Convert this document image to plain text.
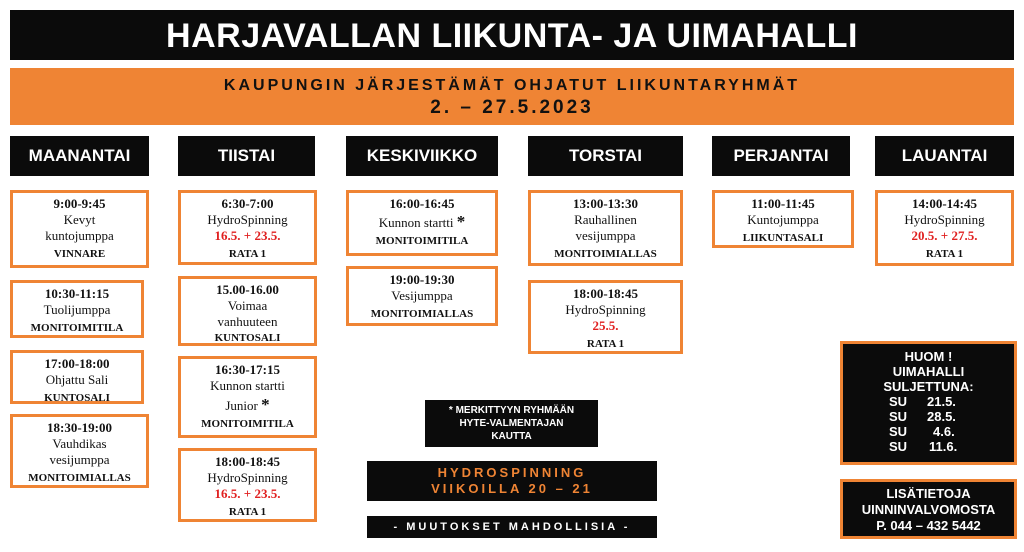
HARJAVALLAN LIIKUNTA- JA UIMAHALLI
KAUPUNGIN JÄRJESTÄMÄT OHJATUT LIIKUNTARYHMÄT
2. – 27.5.2023
MAANANTAI	TIISTAI	KESKIVIIKKO	TORSTAI	PERJANTAI	LAUANTAI
9:00-9:45
Kevyt
kuntojumppa
VINNARE
10:30-11:15
Tuolijumppa
MONITOIMITILA
17:00-18:00
Ohjattu Sali
KUNTOSALI
18:30-19:00
Vauhdikas
vesijumppa
MONITOIMIALLAS
6:30-7:00
HydroSpinning
16.5. + 23.5.
RATA 1
15.00-16.00
Voimaa
vanhuuteen
KUNTOSALI
16:30-17:15
Kunnon startti
Junior *
MONITOIMITILA
18:00-18:45
HydroSpinning
16.5. + 23.5.
RATA 1
16:00-16:45
Kunnon startti *
MONITOIMITILA
19:00-19:30
Vesijumppa
MONITOIMIALLAS
13:00-13:30
Rauhallinen
vesijumppa
MONITOIMIALLAS
18:00-18:45
HydroSpinning
25.5.
RATA 1
11:00-11:45
Kuntojumppa
LIIKUNTASALI
14:00-14:45
HydroSpinning
20.5. + 27.5.
RATA 1
* MERKITTYYN RYHMÄÄN
HYTE-VALMENTAJAN
KAUTTA
HYDROSPINNING
VIIKOILLA 20 – 21
- MUUTOKSET MAHDOLLISIA -
HUOM !
UIMAHALLI
SULJETTUNA:
SU	21.5.
SU	28.5.
SU	4.6.
SU	11.6.
LISÄTIETOJA
UINNINVALVOMOSTA
P. 044 – 432 5442
